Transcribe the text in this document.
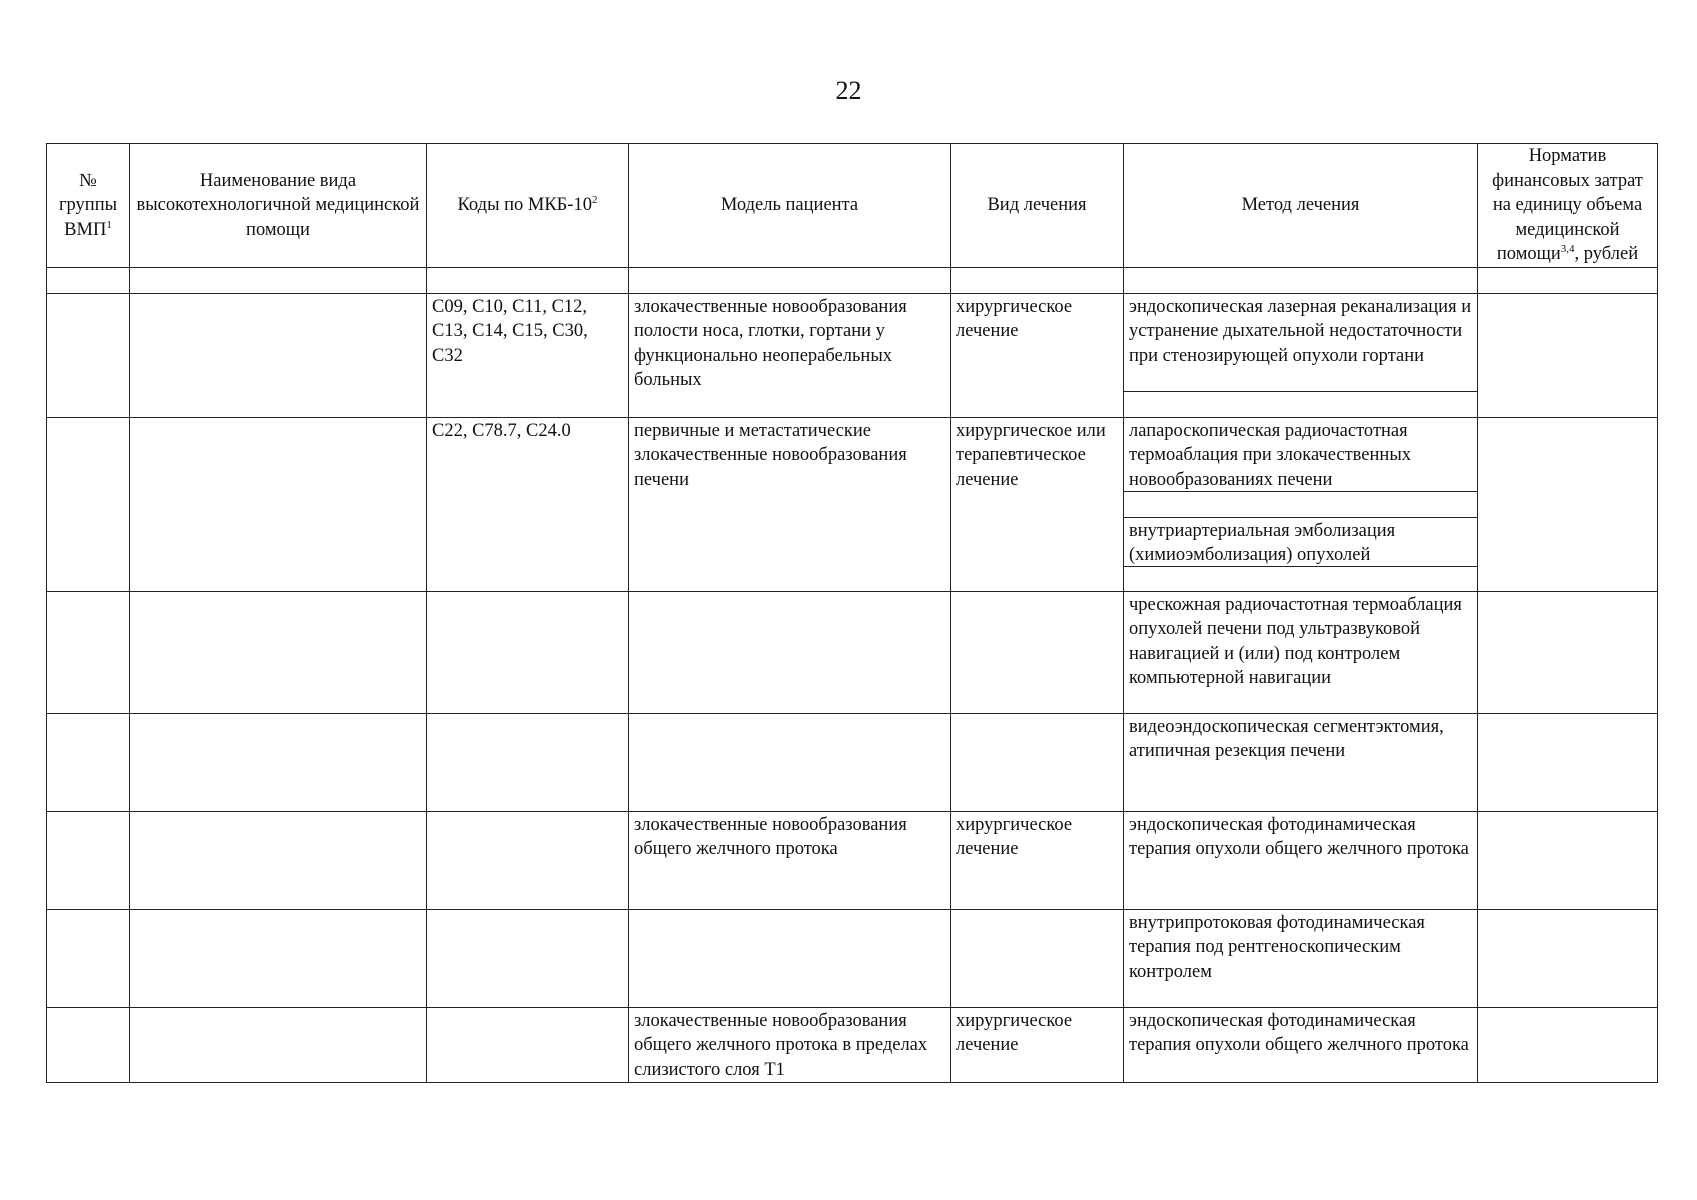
22
№ группы ВМП$^1$	Наименование вида высокотехнологичной медицинской помощи	Коды по МКБ-$10^2$	Модель пациента	Вид лечения	Метод лечения	Норматив финансовых затрат на единицу объема медицинской помощи$^{3,4}$, рублей

		C09, C10, C11, C12, C13, C14, C15, C30, C32	злокачественные новообразования полости носа, глотки, гортани у функционально неоперабельных больных	хирургическое лечение	эндоскопическая лазерная реканализация и устранение дыхательной недостаточности при стенозирующей опухоли гортани	

		C22, C78.7, C24.0	первичные и метастатические злокачественные новообразования печени	хирургическое или терапевтическое лечение	лапароскопическая радиочастотная термоаблация при злокачественных новообразованиях печени
внутриартериальная эмболизация (химиоэмболизация) опухолей	

					чрескожная радиочастотная термоаблация опухолей печени под ультразвуковой навигацией и (или) под контролем компьютерной навигации	

					видеоэндоскопическая сегментэктомия, атипичная резекция печени	

			злокачественные новообразования общего желчного протока	хирургическое лечение	эндоскопическая фотодинамическая терапия опухоли общего желчного протока	

					внутрипротоковая фотодинамическая терапия под рентгеноскопическим контролем	

			злокачественные новообразования общего желчного протока в пределах слизистого слоя Т1	хирургическое лечение	эндоскопическая фотодинамическая терапия опухоли общего желчного протока	
